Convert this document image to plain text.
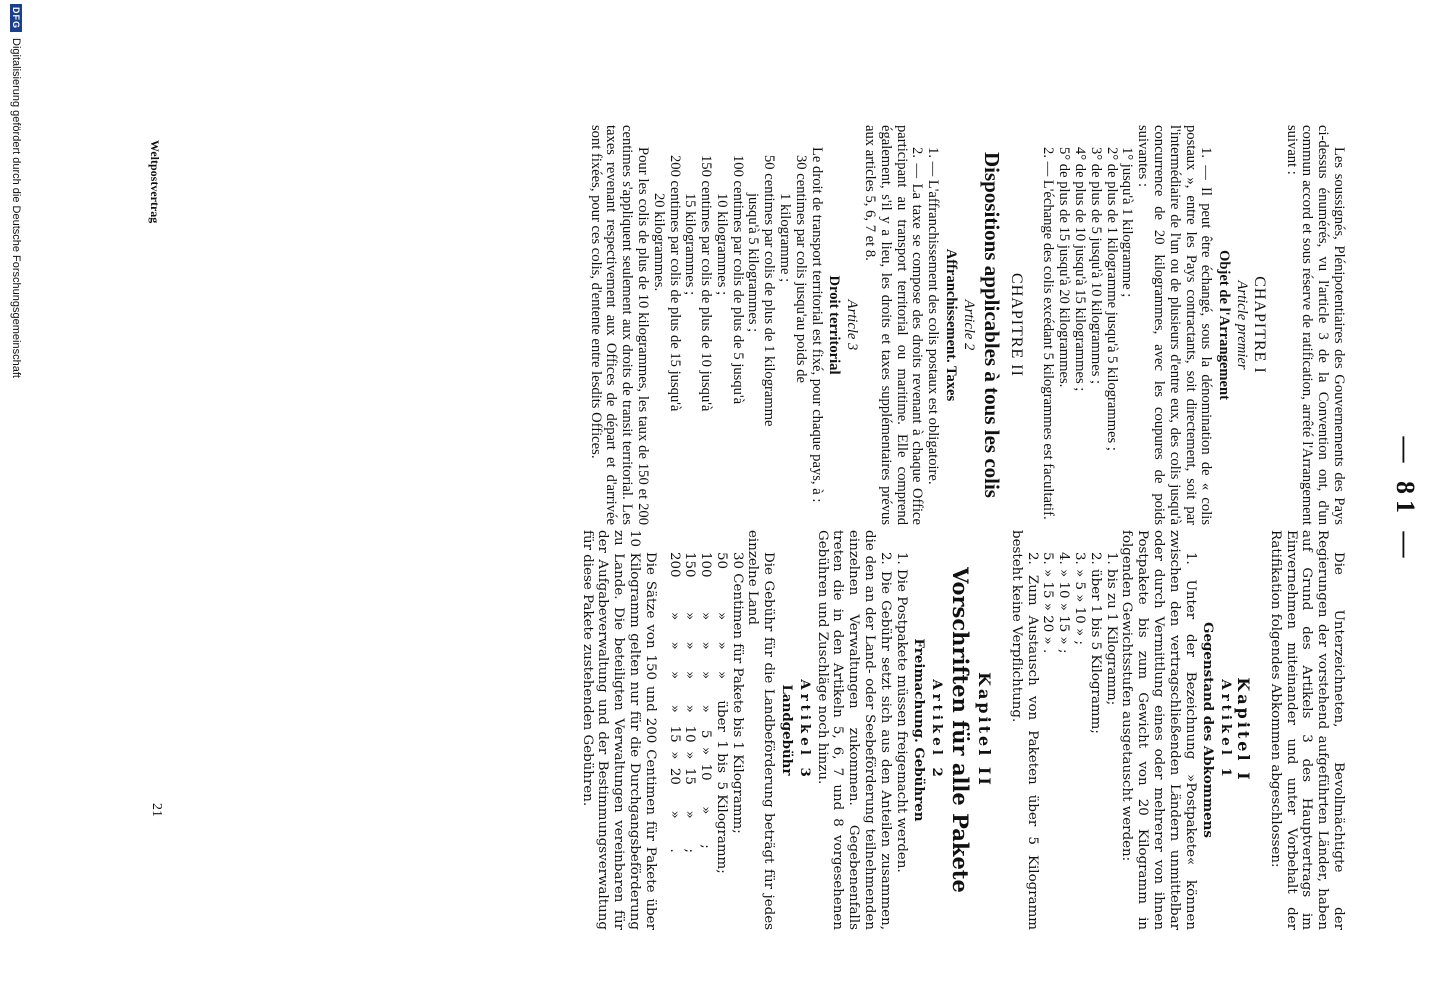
— 81 —

Les soussignés, Plénipotentiaires des Gouvernements des Pays ci-dessus énumérés, vu l'article 3 de la Convention ont, d'un commun accord et sous réserve de ratification, arrêté l'Arrangement suivant :

CHAPITRE I

Article premier

Objet de l'Arrangement

1. — Il peut être échangé, sous la dénomination de « colis postaux », entre les Pays contractants, soit directement, soit par l'intermédiaire de l'un ou de plusieurs d'entre eux, des colis jusqu'à concurrence de 20 kilogrammes, avec les coupures de poids suivantes :

1° jusqu'à 1 kilogramme ;

2° de plus de 1 kilogramme jusqu'à 5 kilogrammes ;

3° de plus de 5 jusqu'à 10 kilogrammes ;

4° de plus de 10 jusqu'à 15 kilogrammes ;

5° de plus de 15 jusqu'à 20 kilogrammes.

2. — L'échange des colis excédant 5 kilogrammes est facultatif.

CHAPITRE II

Dispositions applicables à tous les colis

Article 2

Affranchissement. Taxes

1. — L'affranchissement des colis postaux est obligatoire.

2. — La taxe se compose des droits revenant à chaque Office participant au transport territorial ou maritime. Elle comprend également, s'il y a lieu, les droits et taxes supplémentaires prévus aux articles 5, 6, 7 et 8.

Article 3

Droit territorial

Le droit de transport territorial est fixé, pour chaque pays, à :

30 centimes par colis jusqu'au poids de

1 kilogramme ;

50 centimes par colis de plus de 1 kilogramme

jusqu'à 5 kilogrammes ;

100 centimes par colis de plus de 5 jusqu'à

10 kilogrammes ;

150 centimes par colis de plus de 10 jusqu'à

15 kilogrammes ;

200 centimes par colis de plus de 15 jusqu'à

20 kilogrammes.

Pour les colis de plus de 10 kilogrammes, les taux de 150 et 200 centimes s'appliquent seulement aux droits de transit territorial. Les taxes revenant respectivement aux Offices de départ et d'arrivée sont fixées, pour ces colis, d'entente entre lesdits Offices.

Die Unterzeichneten, Bevollmächtigte der Regierungen der vorstehend aufgeführten Länder, haben auf Grund des Artikels 3 des Hauptvertrags im Einvernehmen miteinander und unter Vorbehalt der Ratifikation folgendes Abkommen abgeschlossen:

Kapitel I

Artikel 1

Gegenstand des Abkommens

1. Unter der Bezeichnung »Postpakete« können zwischen den vertragschließenden Ländern unmittelbar oder durch Vermittlung eines oder mehrerer von ihnen Postpakete bis zum Gewicht von 20 Kilogramm in folgenden Gewichtsstufen ausgetauscht werden:

1. bis zu 1 Kilogramm;

2. über 1 bis 5 Kilogramm;

3. » 5 » 10 » ;

4. » 10 » 15 » ;

5. » 15 » 20 » .

2. Zum Austausch von Paketen über 5 Kilogramm besteht keine Verpflichtung.

Kapitel II

Vorschriften für alle Pakete

Artikel 2

Freimachung. Gebühren

1. Die Postpakete müssen freigemacht werden.

2. Die Gebühr setzt sich aus den Anteilen zusammen, die den an der Land- oder Seebeförderung teilnehmenden einzelnen Verwaltungen zukommen. Gegebenenfalls treten die in den Artikeln 5, 6, 7 und 8 vorgesehenen Gebühren und Zuschläge noch hinzu.

Artikel 3

Landgebühr

Die Gebühr für die Landbeförderung beträgt für jedes einzelne Land

30 Centimen für Pakete bis 1 Kilogramm;

50
»     »     »     über  1 bis  5 Kilogramm;
100
»     »     »      »    5  »  10      »       ;
150
»     »     »      »   10  »  15      »       ;
200
»     »     »      »   15  »  20      »       .

Die Sätze von 150 und 200 Centimen für Pakete über 10 Kilogramm gelten nur für die Durchgangsbeförderung zu Lande. Die beteiligten Verwaltungen vereinbaren für der Aufgabeverwaltung und der Bestimmungsverwaltung für diese Pakete zustehenden Gebühren.

Weltpostvertrag
21
DFG
Digitalisierung gefördert durch die Deutsche Forschungsgemeinschaft
